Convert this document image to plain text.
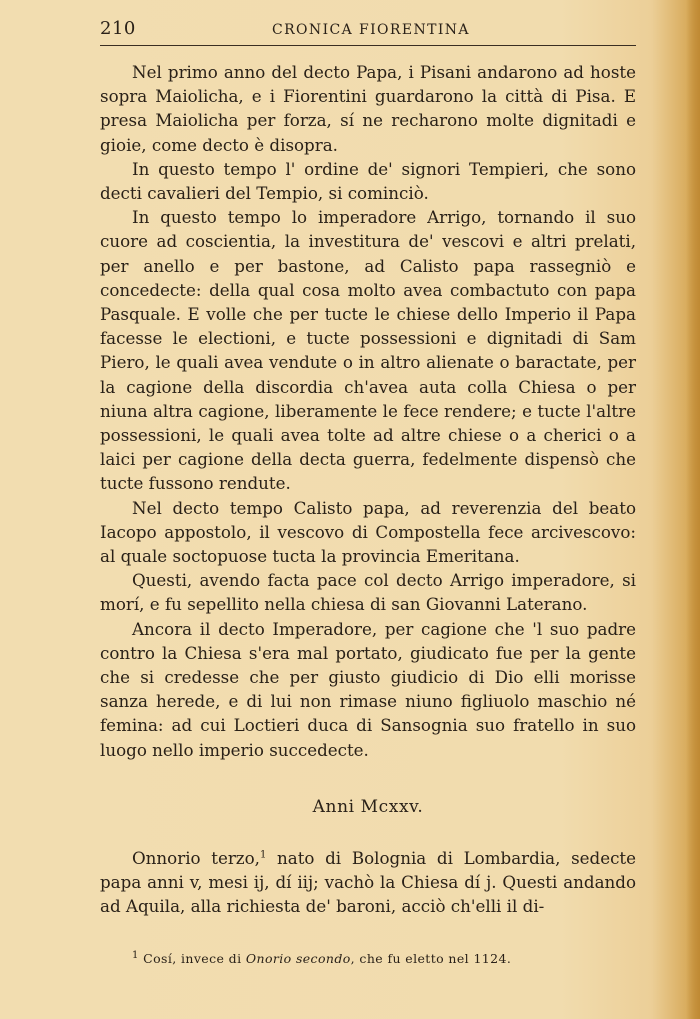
210	CRONICA FIORENTINA

Nel primo anno del decto Papa, i Pisani andarono ad hoste sopra Maiolicha, e i Fiorentini guardarono la città di Pisa. E presa Maiolicha per forza, sí ne recharono molte dignitadi e gioie, come decto è disopra.

In questo tempo l' ordine de' signori Tempieri, che sono decti cavalieri del Tempio, si cominciò.

In questo tempo lo imperadore Arrigo, tornando il suo cuore ad coscientia, la investitura de' vescovi e altri prelati, per anello e per bastone, ad Calisto papa rassegniò e concedecte: della qual cosa molto avea combactuto con papa Pasquale. E volle che per tucte le chiese dello Imperio il Papa facesse le electioni, e tucte possessioni e dignitadi di Sam Piero, le quali avea vendute o in altro alienate o baractate, per la cagione della discordia ch'avea auta colla Chiesa o per niuna altra cagione, liberamente le fece rendere; e tucte l'altre possessioni, le quali avea tolte ad altre chiese o a cherici o a laici per cagione della decta guerra, fedelmente dispensò che tucte fussono rendute.

Nel decto tempo Calisto papa, ad reverenzia del beato Iacopo appostolo, il vescovo di Compostella fece arcivescovo: al quale soctopuose tucta la provincia Emeritana.

Questi, avendo facta pace col decto Arrigo imperadore, si morí, e fu sepellito nella chiesa di san Giovanni Laterano.

Ancora il decto Imperadore, per cagione che 'l suo padre contro la Chiesa s'era mal portato, giudicato fue per la gente che si credesse che per giusto giudicio di Dio elli morisse sanza herede, e di lui non rimase niuno figliuolo maschio né femina: ad cui Loctieri duca di Sansognia suo fratello in suo luogo nello imperio succedecte.

Anni Mcxxv.

Onnorio terzo,$^1$ nato di Bolognia di Lombardia, sedecte papa anni v, mesi ij, dí iij; vachò la Chiesa dí j. Questi andando ad Aquila, alla richiesta de' baroni, acciò ch'elli il di-

$^1$ Cosí, invece di Onorio secondo, che fu eletto nel 1124.
